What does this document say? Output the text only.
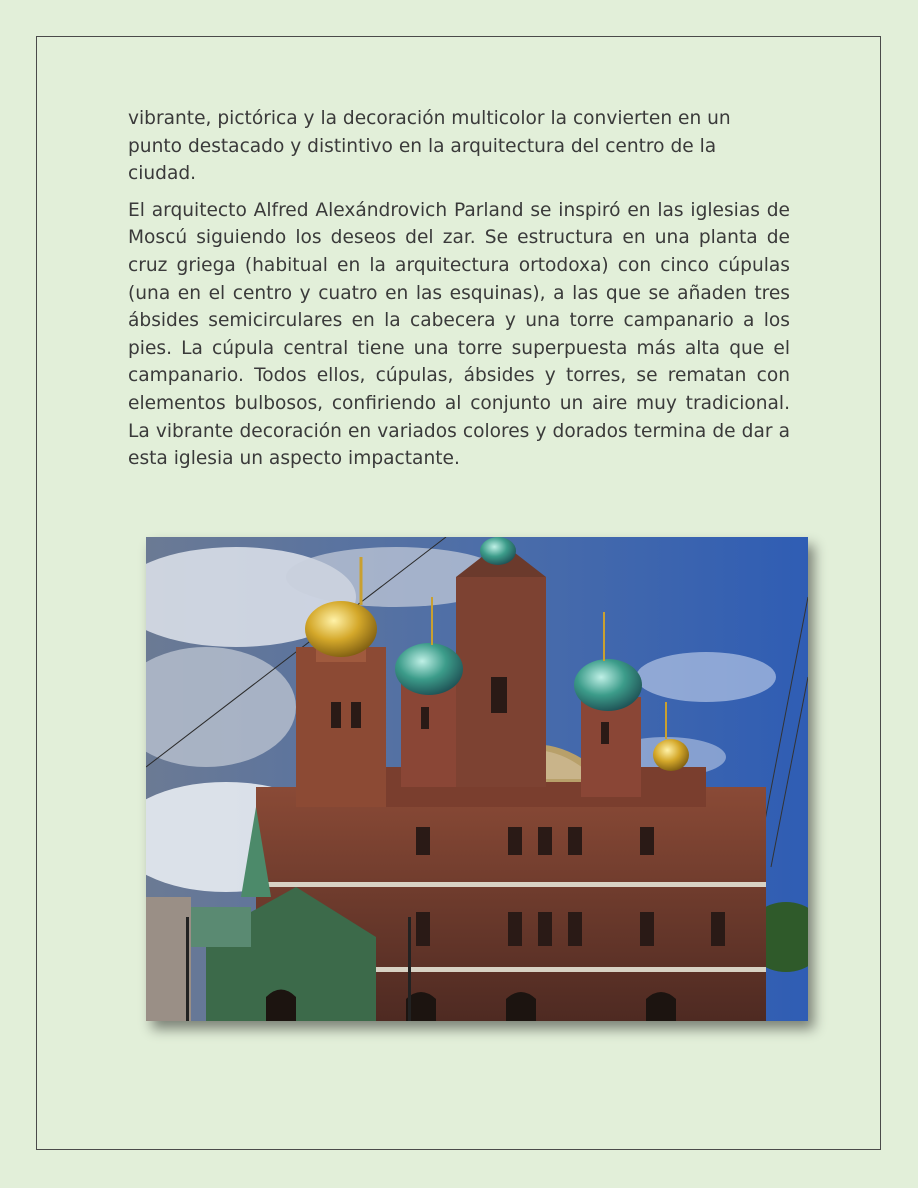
vibrante, pictórica y la decoración multicolor la convierten en un punto destacado y distintivo en la arquitectura del centro de la ciudad.

El arquitecto Alfred Alexándrovich Parland se inspiró en las iglesias de Moscú siguiendo los deseos del zar. Se estructura en una planta de cruz griega (habitual en la arquitectura ortodoxa) con cinco cúpulas (una en el centro y cuatro en las esquinas), a las que se añaden tres ábsides semicirculares en la cabecera y una torre campanario a los pies. La cúpula central tiene una torre superpuesta más alta que el campanario. Todos ellos, cúpulas, ábsides y torres, se rematan con elementos bulbosos, confiriendo al conjunto un aire muy tradicional. La vibrante decoración en variados colores y dorados termina de dar a esta iglesia un aspecto impactante.
